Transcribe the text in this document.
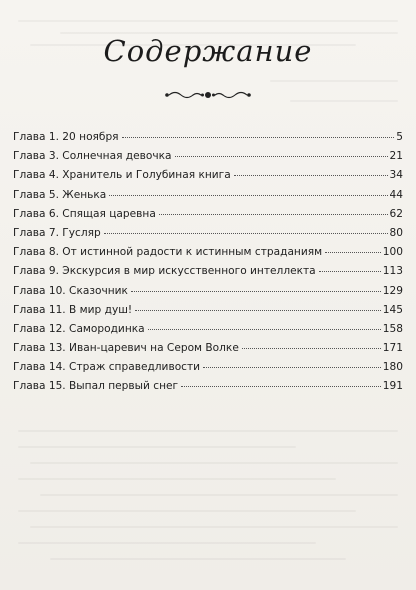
Содержание
Глава 1. 20 ноября	5
Глава 3. Солнечная девочка	21
Глава 4. Хранитель и Голубиная книга	34
Глава 5. Женька	44
Глава 6. Спящая царевна	62
Глава 7. Гусляр	80
Глава 8. От истинной радости к истинным страданиям	100
Глава 9. Экскурсия в мир искусственного интеллекта	113
Глава 10. Сказочник	129
Глава 11. В мир душ!	145
Глава 12. Самородинка	158
Глава 13. Иван-царевич на Сером Волке	171
Глава 14. Страж справедливости	180
Глава 15. Выпал первый снег	191
